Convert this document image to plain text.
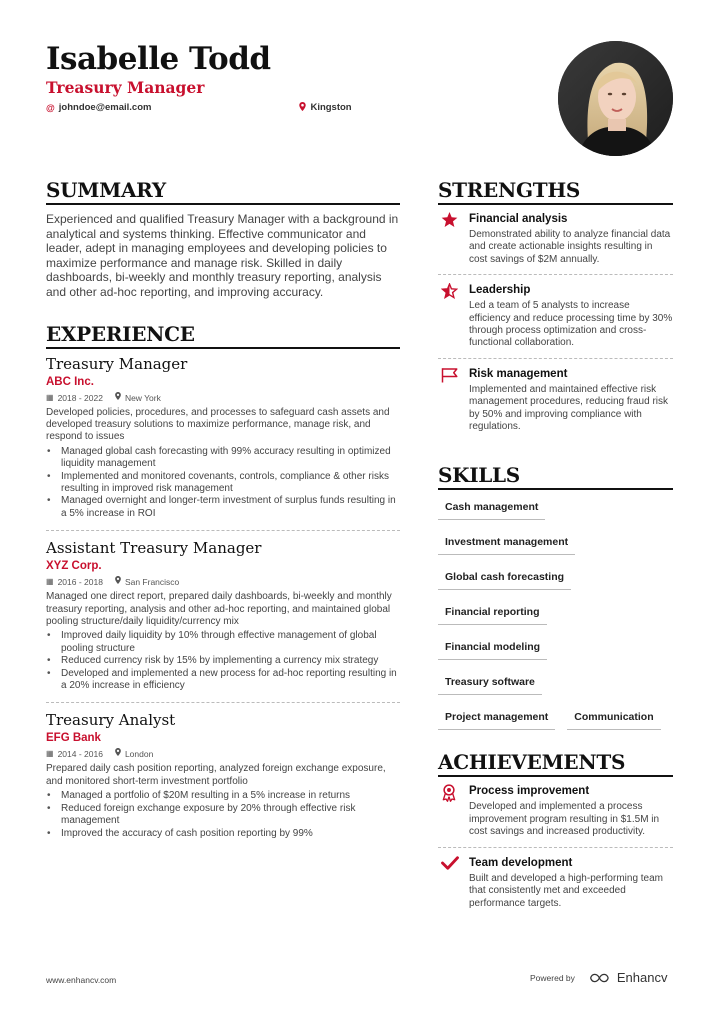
Isabelle Todd
Treasury Manager
@ johndoe@email.com	Kingston
SUMMARY
Experienced and qualified Treasury Manager with a background in analytical and systems thinking. Effective communicator and leader, adept in managing employees and developing policies to maximize performance and manage risk. Skilled in daily dashboards, bi-weekly and monthly treasury reporting, analysis and other ad-hoc reporting, and improving accuracy.
EXPERIENCE
Treasury Manager
ABC Inc.
▦ 2018 - 2022	New York
Developed policies, procedures, and processes to safeguard cash assets and developed treasury solutions to maximize performance, manage risk, and respond to issues
• Managed global cash forecasting with 99% accuracy resulting in optimized liquidity management
• Implemented and monitored covenants, controls, compliance & other risks resulting in improved risk management
• Managed overnight and longer-term investment of surplus funds resulting in a 5% increase in ROI
Assistant Treasury Manager
XYZ Corp.
▦ 2016 - 2018	San Francisco
Managed one direct report, prepared daily dashboards, bi-weekly and monthly treasury reporting, analysis and other ad-hoc reporting, and maintained global pooling structure/daily liquidity/currency mix
• Improved daily liquidity by 10% through effective management of global pooling structure
• Reduced currency risk by 15% by implementing a currency mix strategy
• Developed and implemented a new process for ad-hoc reporting resulting in a 20% increase in efficiency
Treasury Analyst
EFG Bank
▦ 2014 - 2016	London
Prepared daily cash position reporting, analyzed foreign exchange exposure, and monitored short-term investment portfolio
• Managed a portfolio of $20M resulting in a 5% increase in returns
• Reduced foreign exchange exposure by 20% through effective risk management
• Improved the accuracy of cash position reporting by 99%
STRENGTHS
Financial analysis
Demonstrated ability to analyze financial data and create actionable insights resulting in cost savings of $2M annually.
Leadership
Led a team of 5 analysts to increase efficiency and reduce processing time by 30% through process optimization and cross-functional collaboration.
Risk management
Implemented and maintained effective risk management procedures, reducing fraud risk by 50% and improving compliance with regulations.
SKILLS
Cash management
Investment management
Global cash forecasting
Financial reporting
Financial modeling
Treasury software
Project management	Communication
ACHIEVEMENTS
Process improvement
Developed and implemented a process improvement program resulting in $1.5M in cost savings and increased productivity.
Team development
Built and developed a high-performing team that consistently met and exceeded performance targets.
www.enhancv.com	Powered by	Enhancv
